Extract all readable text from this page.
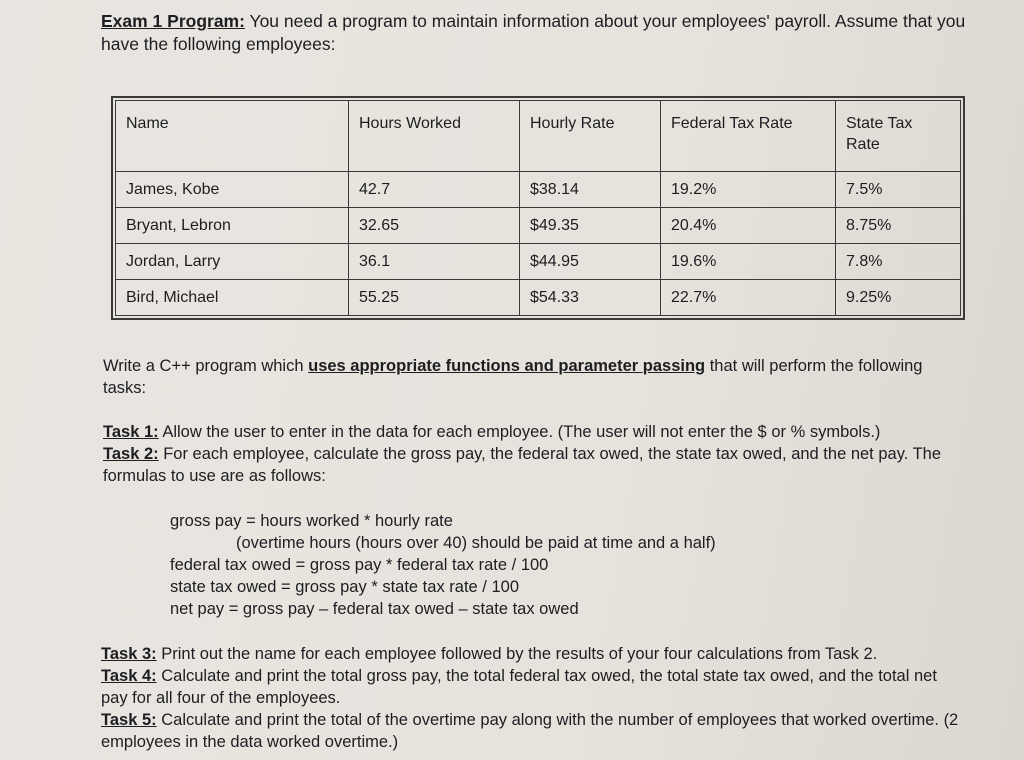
Exam 1 Program: You need a program to maintain information about your employees' payroll. Assume that you have the following employees:
Name	Hours Worked	Hourly Rate	Federal Tax Rate	State Tax Rate
James, Kobe	42.7	$38.14	19.2%	7.5%
Bryant, Lebron	32.65	$49.35	20.4%	8.75%
Jordan, Larry	36.1	$44.95	19.6%	7.8%
Bird, Michael	55.25	$54.33	22.7%	9.25%
Write a C++ program which uses appropriate functions and parameter passing that will perform the following tasks:
Task 1: Allow the user to enter in the data for each employee. (The user will not enter the $ or % symbols.)
Task 2: For each employee, calculate the gross pay, the federal tax owed, the state tax owed, and the net pay. The formulas to use are as follows:
gross pay = hours worked * hourly rate
(overtime hours (hours over 40) should be paid at time and a half)
federal tax owed = gross pay * federal tax rate / 100
state tax owed = gross pay * state tax rate / 100
net pay = gross pay – federal tax owed – state tax owed
Task 3: Print out the name for each employee followed by the results of your four calculations from Task 2.
Task 4: Calculate and print the total gross pay, the total federal tax owed, the total state tax owed, and the total net pay for all four of the employees.
Task 5: Calculate and print the total of the overtime pay along with the number of employees that worked overtime. (2 employees in the data worked overtime.)
